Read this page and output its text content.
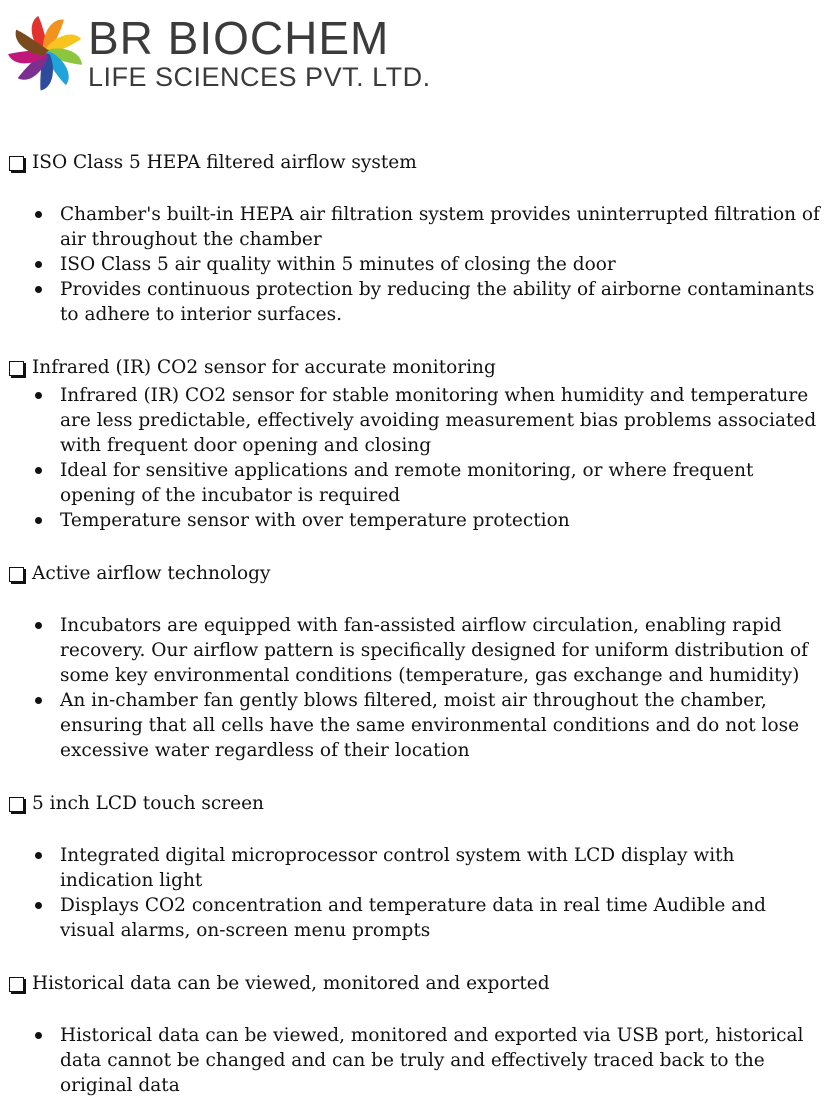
BR BIOCHEM
LIFE SCIENCES PVT. LTD.
ISO Class 5 HEPA filtered airflow system
Chamber's built-in HEPA air filtration system provides uninterrupted filtration of air throughout the chamber
ISO Class 5 air quality within 5 minutes of closing the door
Provides continuous protection by reducing the ability of airborne contaminants to adhere to interior surfaces.
Infrared (IR) CO2 sensor for accurate monitoring
Infrared (IR) CO2 sensor for stable monitoring when humidity and temperature are less predictable, effectively avoiding measurement bias problems associated with frequent door opening and closing
Ideal for sensitive applications and remote monitoring, or where frequent opening of the incubator is required
Temperature sensor with over temperature protection
Active airflow technology
Incubators are equipped with fan-assisted airflow circulation, enabling rapid recovery. Our airflow pattern is specifically designed for uniform distribution of some key environmental conditions (temperature, gas exchange and humidity)
An in-chamber fan gently blows filtered, moist air throughout the chamber, ensuring that all cells have the same environmental conditions and do not lose excessive water regardless of their location
5 inch LCD touch screen
Integrated digital microprocessor control system with LCD display with indication light
Displays CO2 concentration and temperature data in real time Audible and visual alarms, on-screen menu prompts
Historical data can be viewed, monitored and exported
Historical data can be viewed, monitored and exported via USB port, historical data cannot be changed and can be truly and effectively traced back to the original data
